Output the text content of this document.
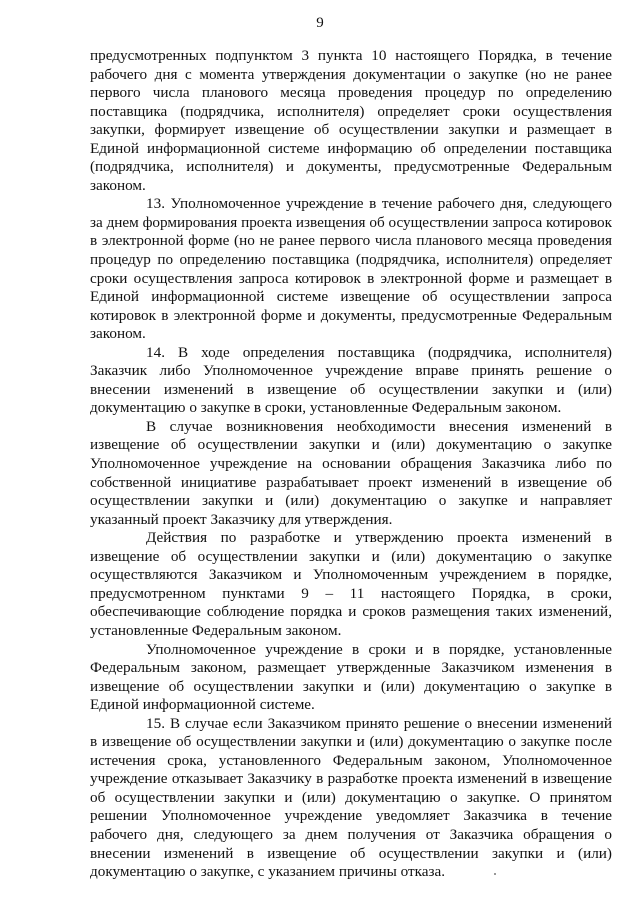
9

предусмотренных подпунктом 3 пункта 10 настоящего Порядка, в течение рабочего дня с момента утверждения документации о закупке (но не ранее первого числа планового месяца проведения процедур по определению поставщика (подрядчика, исполнителя) определяет сроки осуществления закупки, формирует извещение об осуществлении закупки и размещает в Единой информационной системе информацию об определении поставщика (подрядчика, исполнителя) и документы, предусмотренные Федеральным законом.

13. Уполномоченное учреждение в течение рабочего дня, следующего за днем формирования проекта извещения об осуществлении запроса котировок в электронной форме (но не ранее первого числа планового месяца проведения процедур по определению поставщика (подрядчика, исполнителя) определяет сроки осуществления запроса котировок в электронной форме и размещает в Единой информационной системе извещение об осуществлении запроса котировок в электронной форме и документы, предусмотренные Федеральным законом.

14. В ходе определения поставщика (подрядчика, исполнителя) Заказчик либо Уполномоченное учреждение вправе принять решение о внесении изменений в извещение об осуществлении закупки и (или) документацию о закупке в сроки, установленные Федеральным законом.

В случае возникновения необходимости внесения изменений в извещение об осуществлении закупки и (или) документацию о закупке Уполномоченное учреждение на основании обращения Заказчика либо по собственной инициативе разрабатывает проект изменений в извещение об осуществлении закупки и (или) документацию о закупке и направляет указанный проект Заказчику для утверждения.

Действия по разработке и утверждению проекта изменений в извещение об осуществлении закупки и (или) документацию о закупке осуществляются Заказчиком и Уполномоченным учреждением в порядке, предусмотренном пунктами 9 – 11 настоящего Порядка, в сроки, обеспечивающие соблюдение порядка и сроков размещения таких изменений, установленные Федеральным законом.

Уполномоченное учреждение в сроки и в порядке, установленные Федеральным законом, размещает утвержденные Заказчиком изменения в извещение об осуществлении закупки и (или) документацию о закупке в Единой информационной системе.

15. В случае если Заказчиком принято решение о внесении изменений в извещение об осуществлении закупки и (или) документацию о закупке после истечения срока, установленного Федеральным законом, Уполномоченное учреждение отказывает Заказчику в разработке проекта изменений в извещение об осуществлении закупки и (или) документацию о закупке. О принятом решении Уполномоченное учреждение уведомляет Заказчика в течение рабочего дня, следующего за днем получения от Заказчика обращения о внесении изменений в извещение об осуществлении закупки и (или) документацию о закупке, с указанием причины отказа.
